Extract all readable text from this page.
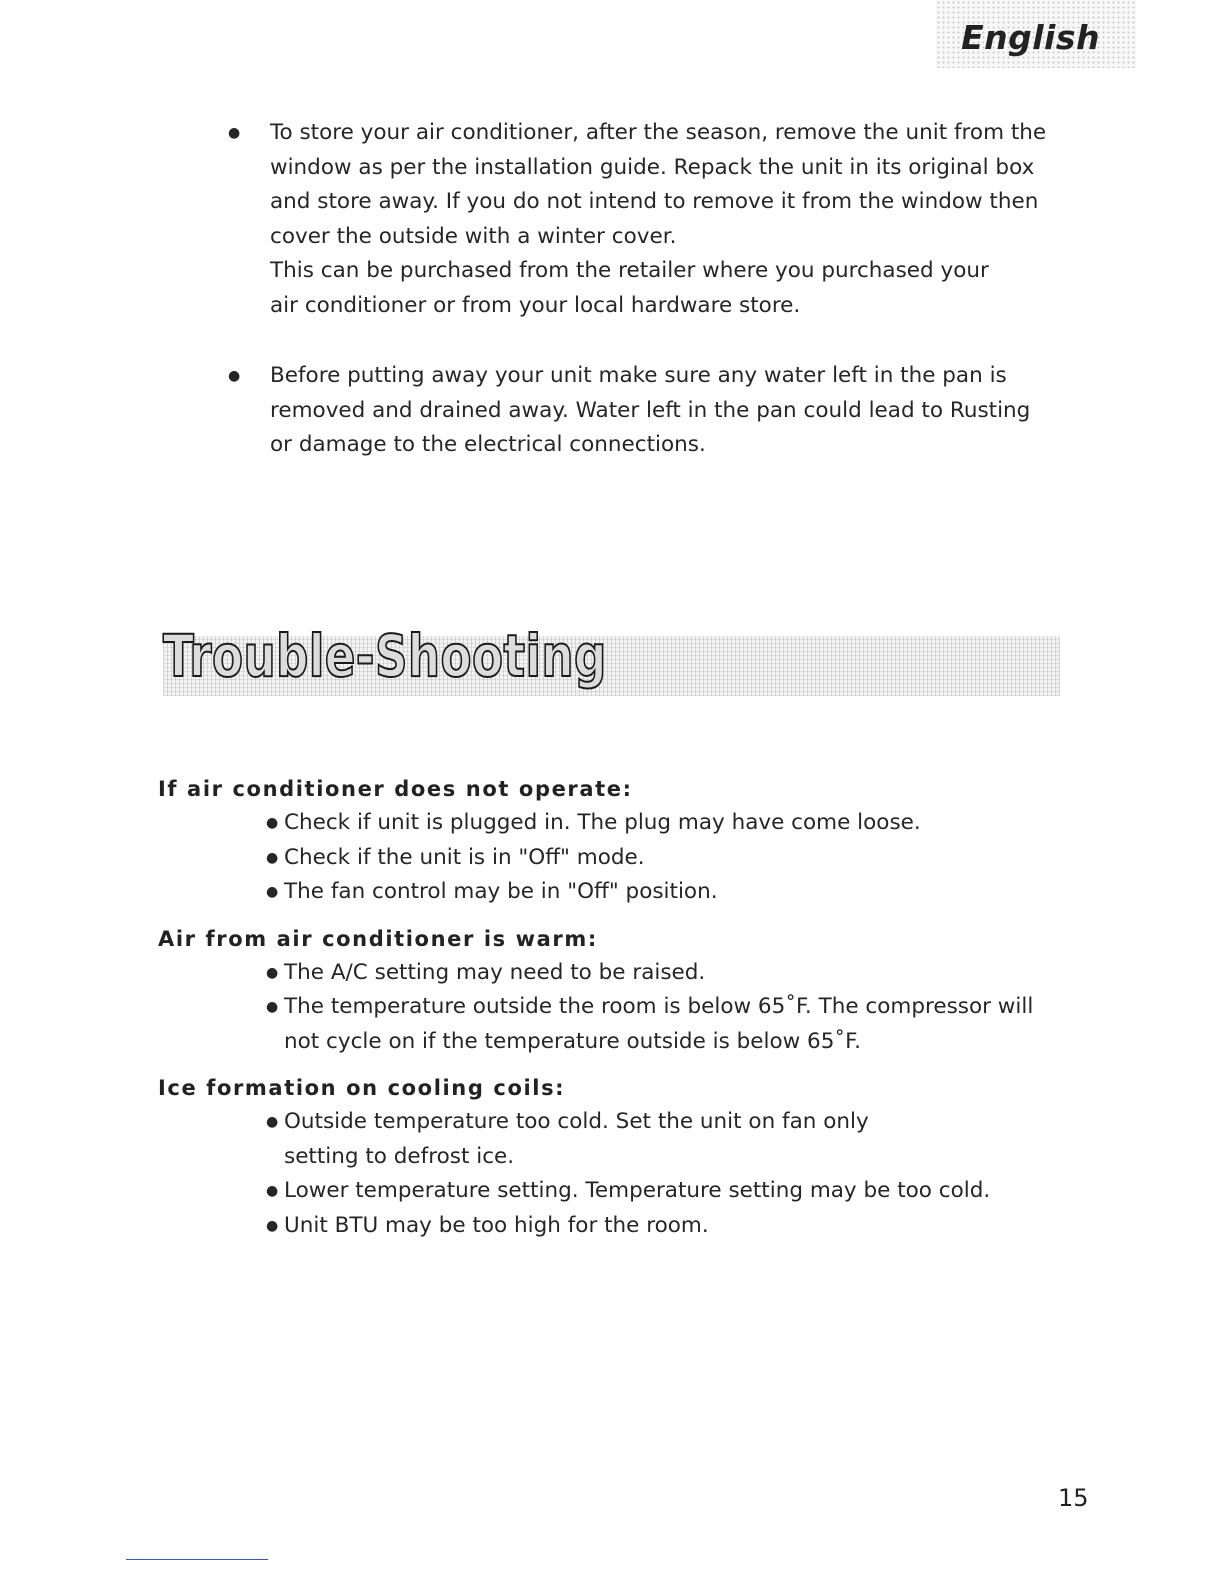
English
● To store your air conditioner, after the season, remove the unit from the
window as per the installation guide. Repack the unit in its original box
and store away. If you do not intend to remove it from the window then
cover the outside with a winter cover.
This can be purchased from the retailer where you purchased your
air conditioner or from your local hardware store.
● Before putting away your unit make sure any water left in the pan is
removed and drained away. Water left in the pan could lead to Rusting
or damage to the electrical connections.
Trouble-Shooting
If air conditioner does not operate:
● Check if unit is plugged in. The plug may have come loose.
● Check if the unit is in "Off" mode.
● The fan control may be in "Off" position.
Air from air conditioner is warm:
● The A/C setting may need to be raised.
● The temperature outside the room is below 65˚F. The compressor will
not cycle on if the temperature outside is below 65˚F.
Ice formation on cooling coils:
● Outside temperature too cold. Set the unit on fan only
setting to defrost ice.
● Lower temperature setting. Temperature setting may be too cold.
● Unit BTU may be too high for the room.
15
